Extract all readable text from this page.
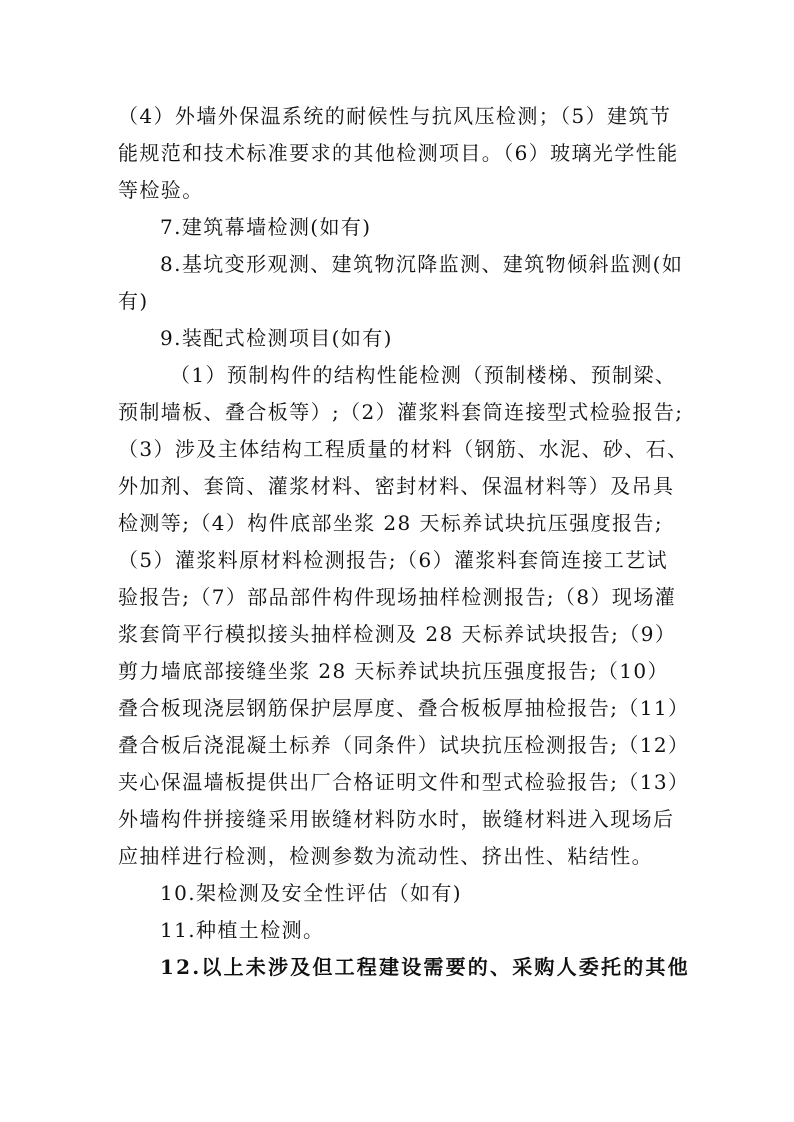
（4）外墙外保温系统的耐候性与抗风压检测；（5）建筑节
能规范和技术标准要求的其他检测项目。（6）玻璃光学性能
等检验。
7.建筑幕墙检测(如有)
8.基坑变形观测、建筑物沉降监测、建筑物倾斜监测(如
有)
9.装配式检测项目(如有)
（1）预制构件的结构性能检测（预制楼梯、预制梁、
预制墙板、叠合板等）;（2）灌浆料套筒连接型式检验报告;
（3）涉及主体结构工程质量的材料（钢筋、水泥、砂、石、
外加剂、套筒、灌浆材料、密封材料、保温材料等）及吊具
检测等;（4）构件底部坐浆 28 天标养试块抗压强度报告;
（5）灌浆料原材料检测报告;（6）灌浆料套筒连接工艺试
验报告;（7）部品部件构件现场抽样检测报告;（8）现场灌
浆套筒平行模拟接头抽样检测及 28 天标养试块报告;（9）
剪力墙底部接缝坐浆 28 天标养试块抗压强度报告;（10）
叠合板现浇层钢筋保护层厚度、叠合板板厚抽检报告;（11）
叠合板后浇混凝土标养（同条件）试块抗压检测报告;（12）
夹心保温墙板提供出厂合格证明文件和型式检验报告;（13）
外墙构件拼接缝采用嵌缝材料防水时，嵌缝材料进入现场后
应抽样进行检测，检测参数为流动性、挤出性、粘结性。
10.架检测及安全性评估（如有)
11.种植土检测。
12.以上未涉及但工程建设需要的、采购人委托的其他
